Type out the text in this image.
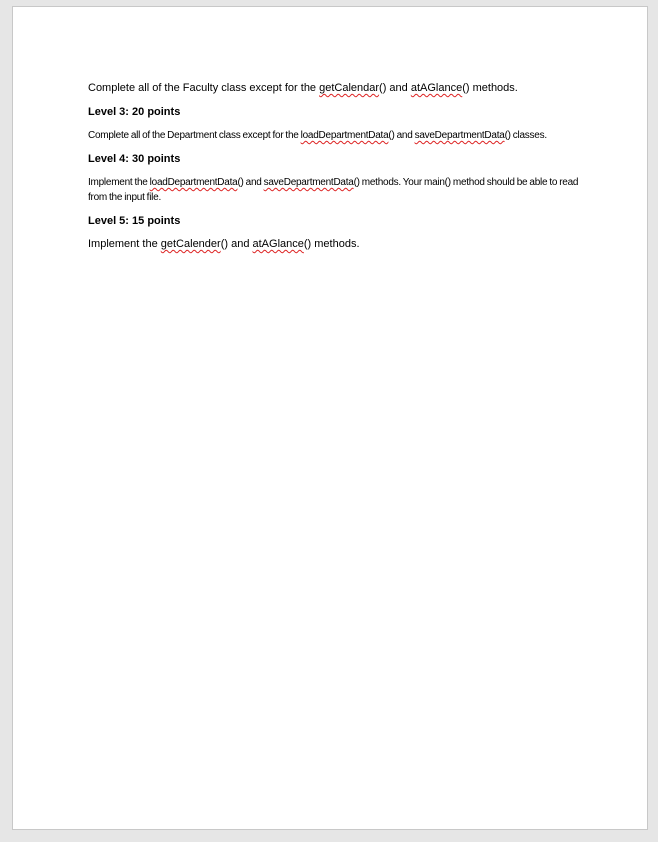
Complete all of the Faculty class except for the getCalendar() and atAGlance() methods.

Level 3: 20 points

Complete all of the Department class except for the loadDepartmentData() and saveDepartmentData() classes.

Level 4: 30 points

Implement the loadDepartmentData() and saveDepartmentData() methods. Your main() method should be able to read from the input file.

Level 5: 15 points

Implement the getCalender() and atAGlance() methods.
